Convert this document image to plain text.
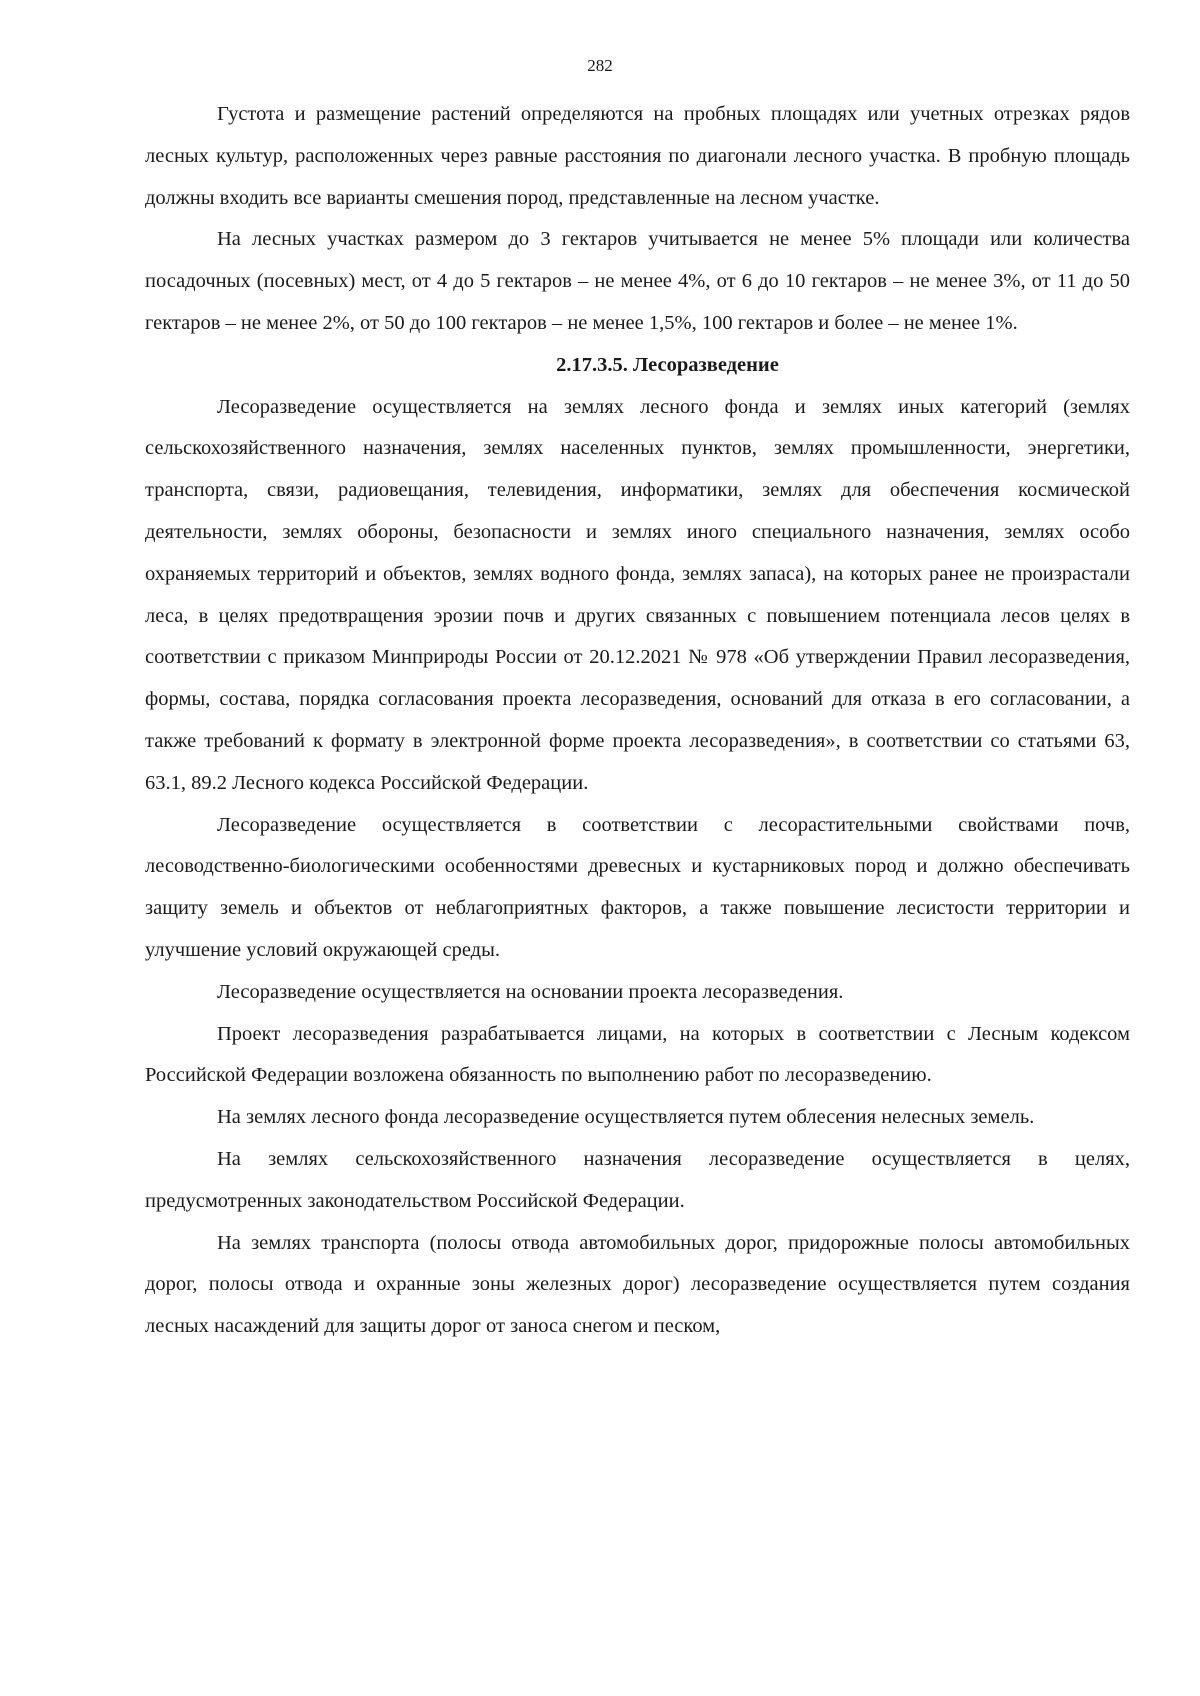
282

Густота и размещение растений определяются на пробных площадях или учетных отрезках рядов лесных культур, расположенных через равные расстояния по диагонали лесного участка. В пробную площадь должны входить все варианты смешения пород, представленные на лесном участке.

На лесных участках размером до 3 гектаров учитывается не менее 5% площади или количества посадочных (посевных) мест, от 4 до 5 гектаров – не менее 4%, от 6 до 10 гектаров – не менее 3%, от 11 до 50 гектаров – не менее 2%, от 50 до 100 гектаров – не менее 1,5%, 100 гектаров и более – не менее 1%.

2.17.3.5. Лесоразведение

Лесоразведение осуществляется на землях лесного фонда и землях иных категорий (землях сельскохозяйственного назначения, землях населенных пунктов, землях промышленности, энергетики, транспорта, связи, радиовещания, телевидения, информатики, землях для обеспечения космической деятельности, землях обороны, безопасности и землях иного специального назначения, землях особо охраняемых территорий и объектов, землях водного фонда, землях запаса), на которых ранее не произрастали леса, в целях предотвращения эрозии почв и других связанных с повышением потенциала лесов целях в соответствии с приказом Минприроды России от 20.12.2021 № 978 «Об утверждении Правил лесоразведения, формы, состава, порядка согласования проекта лесоразведения, оснований для отказа в его согласовании, а также требований к формату в электронной форме проекта лесоразведения», в соответствии со статьями 63, 63.1, 89.2 Лесного кодекса Российской Федерации.

Лесоразведение осуществляется в соответствии с лесорастительными свойствами почв, лесоводственно-биологическими особенностями древесных и кустарниковых пород и должно обеспечивать защиту земель и объектов от неблагоприятных факторов, а также повышение лесистости территории и улучшение условий окружающей среды.

Лесоразведение осуществляется на основании проекта лесоразведения.

Проект лесоразведения разрабатывается лицами, на которых в соответствии с Лесным кодексом Российской Федерации возложена обязанность по выполнению работ по лесоразведению.

На землях лесного фонда лесоразведение осуществляется путем облесения нелесных земель.

На землях сельскохозяйственного назначения лесоразведение осуществляется в целях, предусмотренных законодательством Российской Федерации.

На землях транспорта (полосы отвода автомобильных дорог, придорожные полосы автомобильных дорог, полосы отвода и охранные зоны железных дорог) лесоразведение осуществляется путем создания лесных насаждений для защиты дорог от заноса снегом и песком,
